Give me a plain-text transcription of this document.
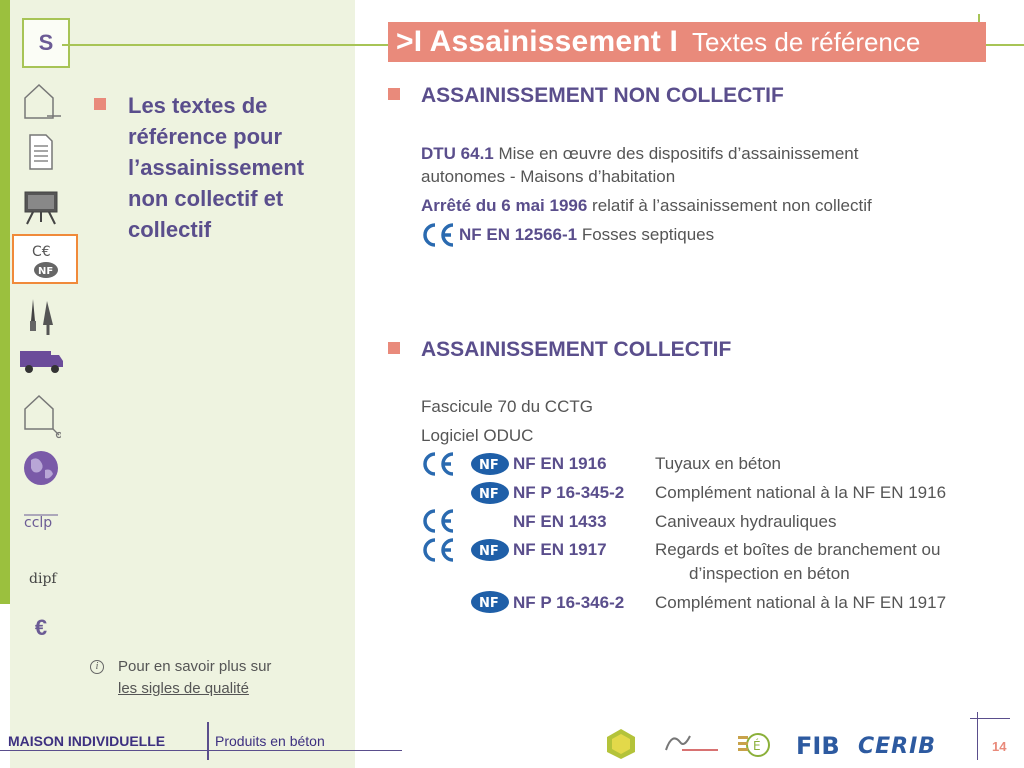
S
C€
NF
cclp
dipf
€
>I Assainissement I Textes de référence
Les textes de référence pour l’assainissement non collectif et collectif
i	Pour en savoir plus sur
les sigles de qualité
ASSAINISSEMENT NON COLLECTIF
DTU 64.1 Mise en œuvre des dispositifs d’assainissement
autonomes - Maisons d’habitation
Arrêté du 6 mai 1996 relatif à l’assainissement non collectif
NF EN 12566-1 Fosses septiques
ASSAINISSEMENT COLLECTIF
Fascicule 70 du CCTG
Logiciel ODUC
NF NF EN 1916	Tuyaux en béton
NF NF P 16-345-2 Complément national à la NF EN 1916
NF EN 1433	Caniveaux hydrauliques
NF NF EN 1917	Regards et boîtes de branchement ou
d’inspection en béton
NF NF P 16-346-2 Complément national à la NF EN 1917
MAISON INDIVIDUELLE	Produits en béton	É FIB CERIB	14
